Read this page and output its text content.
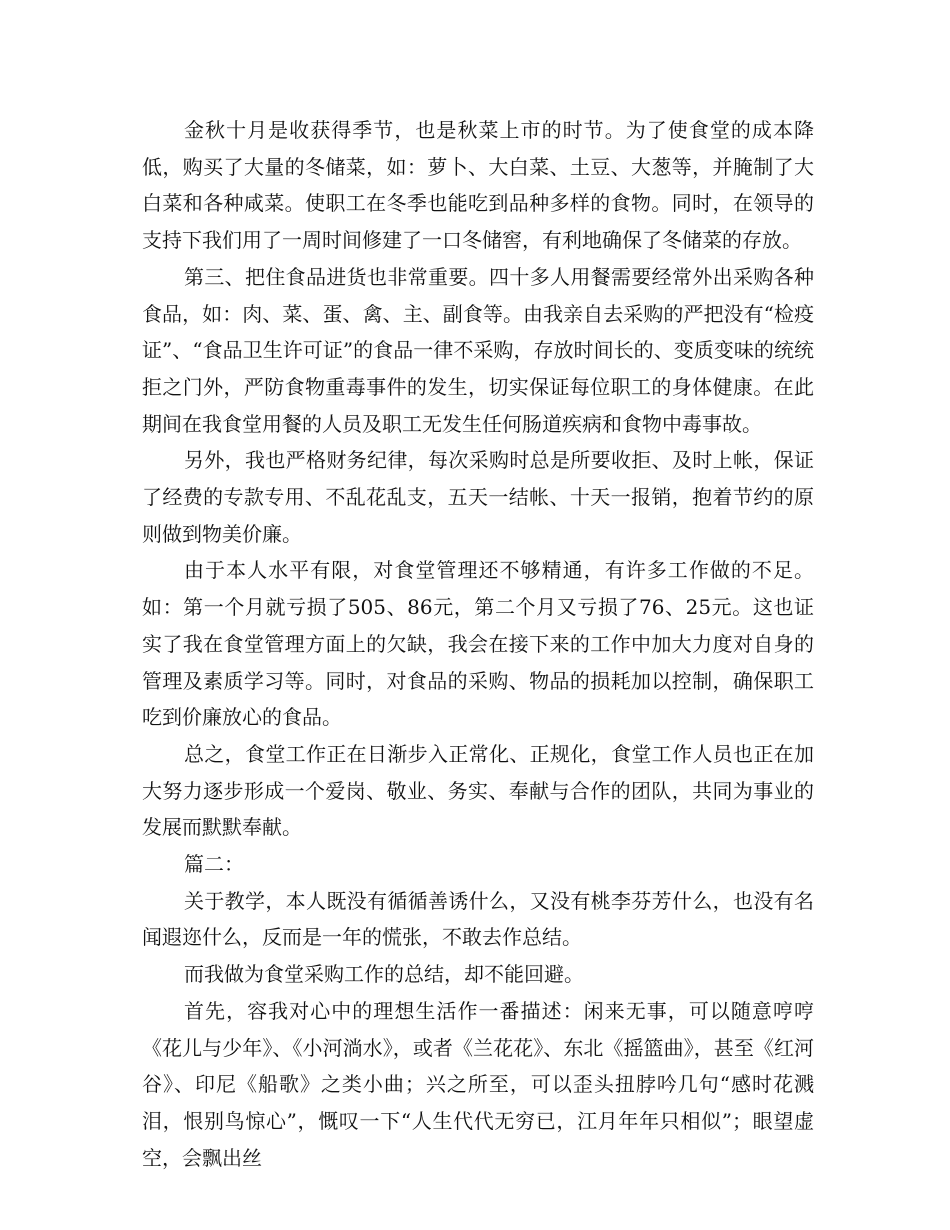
金秋十月是收获得季节，也是秋菜上市的时节。为了使食堂的成本降低，购买了大量的冬储菜，如：萝卜、大白菜、土豆、大葱等，并腌制了大白菜和各种咸菜。使职工在冬季也能吃到品种多样的食物。同时，在领导的支持下我们用了一周时间修建了一口冬储窖，有利地确保了冬储菜的存放。

第三、把住食品进货也非常重要。四十多人用餐需要经常外出采购各种食品，如：肉、菜、蛋、禽、主、副食等。由我亲自去采购的严把没有“检疫证”、“食品卫生许可证”的食品一律不采购，存放时间长的、变质变味的统统拒之门外，严防食物重毒事件的发生，切实保证每位职工的身体健康。在此期间在我食堂用餐的人员及职工无发生任何肠道疾病和食物中毒事故。

另外，我也严格财务纪律，每次采购时总是所要收拒、及时上帐，保证了经费的专款专用、不乱花乱支，五天一结帐、十天一报销，抱着节约的原则做到物美价廉。

由于本人水平有限，对食堂管理还不够精通，有许多工作做的不足。如：第一个月就亏损了505、86元，第二个月又亏损了76、25元。这也证实了我在食堂管理方面上的欠缺，我会在接下来的工作中加大力度对自身的管理及素质学习等。同时，对食品的采购、物品的损耗加以控制，确保职工吃到价廉放心的食品。

总之，食堂工作正在日渐步入正常化、正规化，食堂工作人员也正在加大努力逐步形成一个爱岗、敬业、务实、奉献与合作的团队，共同为事业的发展而默默奉献。

篇二：

关于教学，本人既没有循循善诱什么，又没有桃李芬芳什么，也没有名闻遐迩什么，反而是一年的慌张，不敢去作总结。

而我做为食堂采购工作的总结，却不能回避。

首先，容我对心中的理想生活作一番描述：闲来无事，可以随意哼哼《花儿与少年》、《小河淌水》，或者《兰花花》、东北《摇篮曲》，甚至《红河谷》、印尼《船歌》之类小曲；兴之所至，可以歪头扭脖吟几句“感时花溅泪，恨别鸟惊心”，慨叹一下“人生代代无穷已，江月年年只相似”；眼望虚空，会飘出丝
